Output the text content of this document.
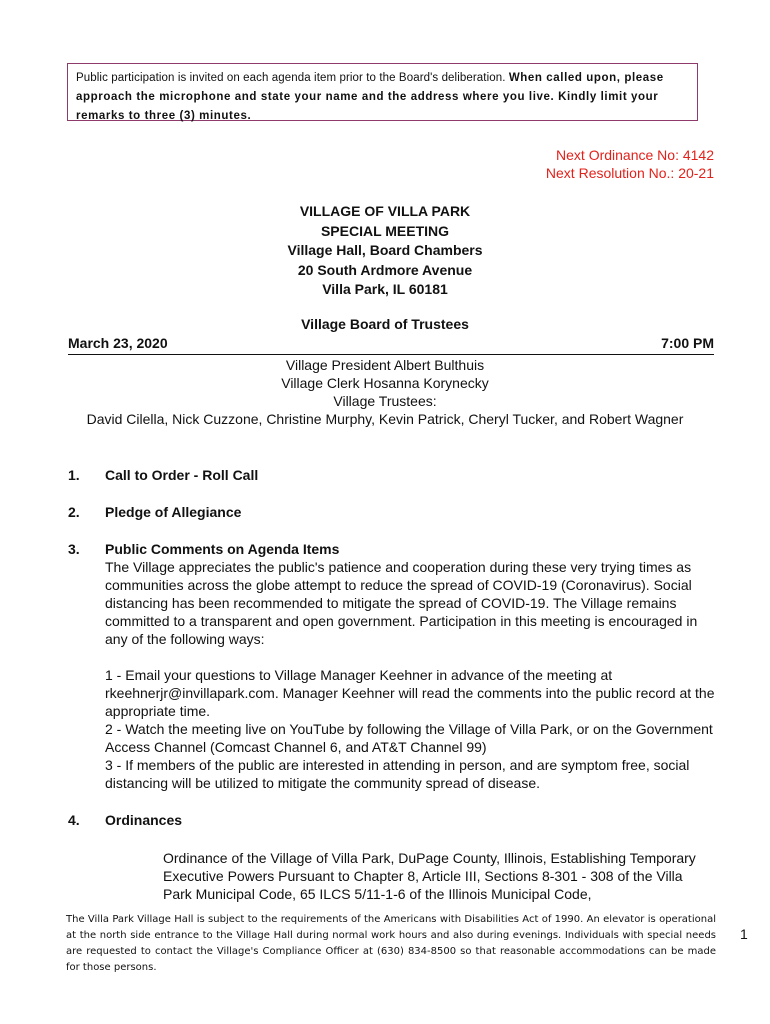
Public participation is invited on each agenda item prior to the Board's deliberation. When called upon, please approach the microphone and state your name and the address where you live. Kindly limit your remarks to three (3) minutes.
Next Ordinance No: 4142
Next Resolution No.: 20-21
VILLAGE OF VILLA PARK
SPECIAL MEETING
Village Hall, Board Chambers
20 South Ardmore Avenue
Villa Park, IL 60181
Village Board of Trustees
March 23, 2020	7:00 PM
Village President Albert Bulthuis
Village Clerk Hosanna Korynecky
Village Trustees:
David Cilella, Nick Cuzzone, Christine Murphy, Kevin Patrick, Cheryl Tucker, and Robert Wagner
1. Call to Order - Roll Call
2. Pledge of Allegiance
3. Public Comments on Agenda Items
The Village appreciates the public's patience and cooperation during these very trying times as communities across the globe attempt to reduce the spread of COVID-19 (Coronavirus). Social distancing has been recommended to mitigate the spread of COVID-19. The Village remains committed to a transparent and open government. Participation in this meeting is encouraged in any of the following ways:
1 - Email your questions to Village Manager Keehner in advance of the meeting at rkeehnerjr@invillapark.com. Manager Keehner will read the comments into the public record at the appropriate time.
2 - Watch the meeting live on YouTube by following the Village of Villa Park, or on the Government Access Channel (Comcast Channel 6, and AT&T Channel 99)
3 - If members of the public are interested in attending in person, and are symptom free, social distancing will be utilized to mitigate the community spread of disease.
4. Ordinances
Ordinance of the Village of Villa Park, DuPage County, Illinois, Establishing Temporary Executive Powers Pursuant to Chapter 8, Article III, Sections 8-301 - 308 of the Villa Park Municipal Code, 65 ILCS 5/11-1-6 of the Illinois Municipal Code,
The Villa Park Village Hall is subject to the requirements of the Americans with Disabilities Act of 1990. An elevator is operational at the north side entrance to the Village Hall during normal work hours and also during evenings. Individuals with special needs are requested to contact the Village's Compliance Officer at (630) 834-8500 so that reasonable accommodations can be made for those persons.
1
